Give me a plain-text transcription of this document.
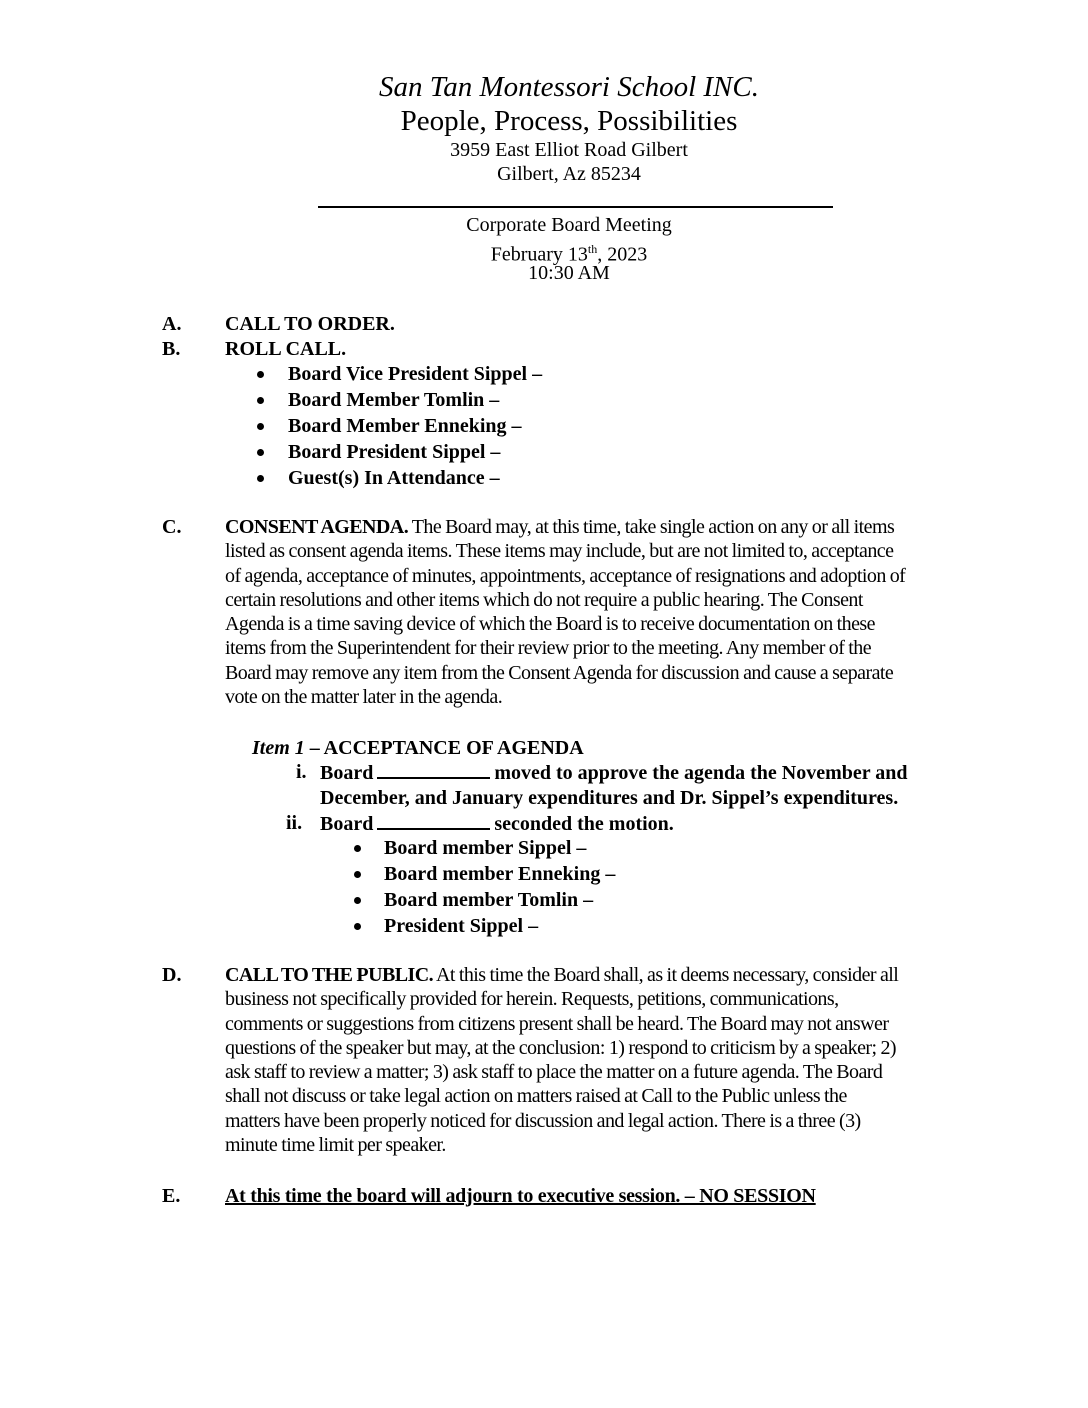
San Tan Montessori School INC.
People, Process, Possibilities
3959 East Elliot Road Gilbert
Gilbert, Az 85234
Corporate Board Meeting
February 13th, 2023
10:30 AM
A. CALL TO ORDER.
B. ROLL CALL.
Board Vice President Sippel –
Board Member Tomlin –
Board Member Enneking –
Board President Sippel –
Guest(s) In Attendance –
C. CONSENT AGENDA. The Board may, at this time, take single action on any or all items
listed as consent agenda items. These items may include, but are not limited to, acceptance
of agenda, acceptance of minutes, appointments, acceptance of resignations and adoption of
certain resolutions and other items which do not require a public hearing. The Consent
Agenda is a time saving device of which the Board is to receive documentation on these
items from the Superintendent for their review prior to the meeting. Any member of the
Board may remove any item from the Consent Agenda for discussion and cause a separate
vote on the matter later in the agenda.
Item 1 – ACCEPTANCE OF AGENDA
i. Board	moved to approve the agenda the November and
December, and January expenditures and Dr. Sippel’s expenditures.
ii. Board	seconded the motion.
Board member Sippel –
Board member Enneking –
Board member Tomlin –
President Sippel –
D. CALL TO THE PUBLIC. At this time the Board shall, as it deems necessary, consider all
business not specifically provided for herein. Requests, petitions, communications,
comments or suggestions from citizens present shall be heard. The Board may not answer
questions of the speaker but may, at the conclusion: 1) respond to criticism by a speaker; 2)
ask staff to review a matter; 3) ask staff to place the matter on a future agenda. The Board
shall not discuss or take legal action on matters raised at Call to the Public unless the
matters have been properly noticed for discussion and legal action. There is a three (3)
minute time limit per speaker.
E. At this time the board will adjourn to executive session. – NO SESSION
